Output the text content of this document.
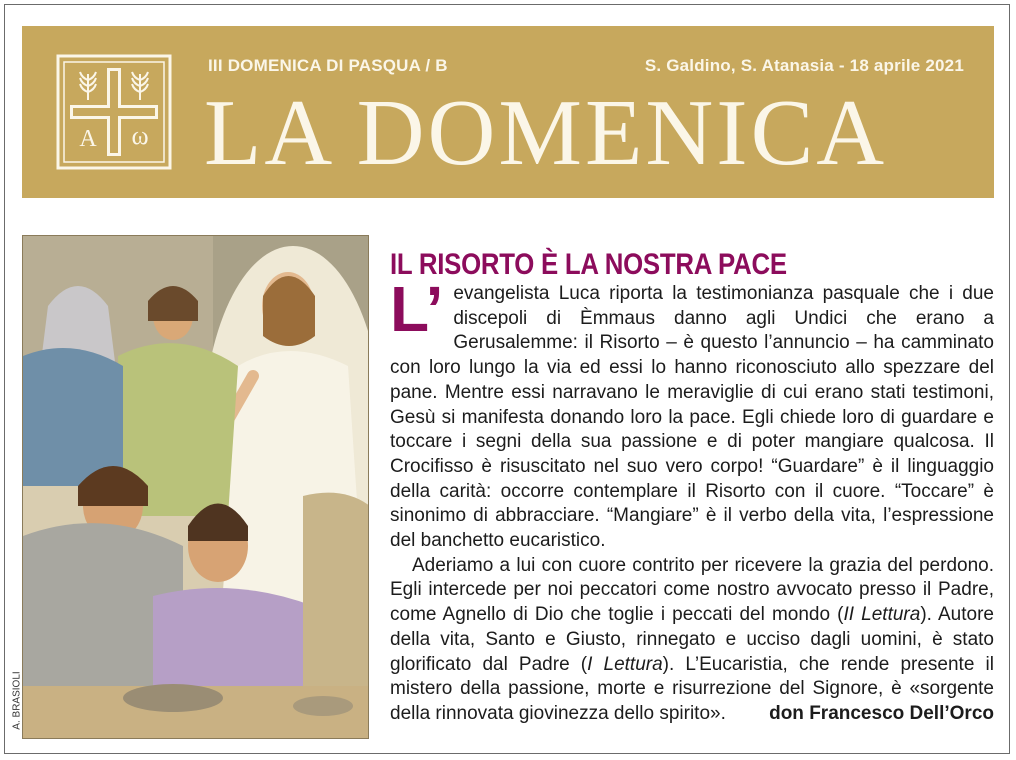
A ω
III DOMENICA DI PASQUA / B	S. Galdino, S. Atanasia - 18 aprile 2021
LA DOMENICA
A. BRASIOLI
IL RISORTO È LA NOSTRA PACE

L’ evangelista Luca riporta la testimonianza pasquale che i due discepoli di Èmmaus danno agli Undici che erano a Gerusalemme: il Risorto – è questo l’annuncio – ha camminato con loro lungo la via ed essi lo hanno riconosciuto allo spezzare del pane. Mentre essi narravano le meraviglie di cui erano stati testimoni, Gesù si manifesta donando loro la pace. Egli chiede loro di guardare e toccare i segni della sua passione e di poter mangiare qualcosa. Il Crocifisso è risuscitato nel suo vero corpo! “Guardare” è il linguaggio della carità: occorre contemplare il Risorto con il cuore. “Toccare” è sinonimo di abbracciare. “Mangiare” è il verbo della vita, l’espressione del banchetto eucaristico.

Aderiamo a lui con cuore contrito per ricevere la grazia del perdono. Egli intercede per noi peccatori come nostro avvocato presso il Padre, come Agnello di Dio che toglie i peccati del mondo (II Lettura). Autore della vita, Santo e Giusto, rinnegato e ucciso dagli uomini, è stato glorificato dal Padre (I Lettura). L’Eucaristia, che rende presente il mistero della passione, morte e risurrezione del Signore, è «sorgente della rinnovata giovinezza dello spirito».	don Francesco Dell’Orco
